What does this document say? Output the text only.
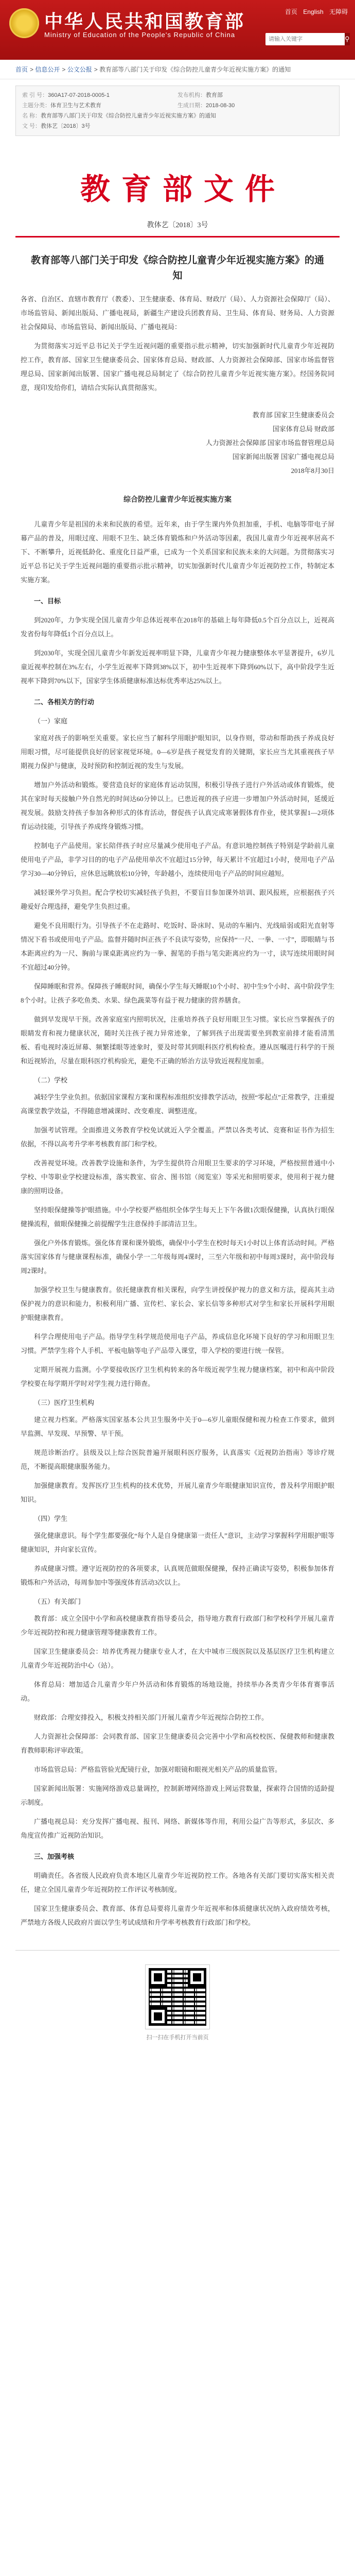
中华人民共和国教育部
Ministry of Education of the People's Republic of China
首页 English 无障碍
请输入关键字
⚲
首页 > 信息公开 > 公文公报 > 教育部等八部门关于印发《综合防控儿童青少年近视实施方案》的通知
索 引 号：360A17-07-2018-0005-1	发布机构：教育部
主题分类：体育卫生与艺术教育	生成日期：2018-08-30
名 称：教育部等八部门关于印发《综合防控儿童青少年近视实施方案》的通知
文 号：教体艺〔2018〕3号
教育部文件
教体艺〔2018〕3号
教育部等八部门关于印发《综合防控儿童青少年近视实施方案》的通知

各省、自治区、直辖市教育厅（教委）、卫生健康委、体育局、财政厅（局）、人力资源社会保障厅（局）、市场监管局、新闻出版局、广播电视局，新疆生产建设兵团教育局、卫生局、体育局、财务局、人力资源社会保障局、市场监管局、新闻出版局、广播电视局：

为贯彻落实习近平总书记关于学生近视问题的重要指示批示精神，切实加强新时代儿童青少年近视防控工作，教育部、国家卫生健康委员会、国家体育总局、财政部、人力资源社会保障部、国家市场监督管理总局、国家新闻出版署、国家广播电视总局制定了《综合防控儿童青少年近视实施方案》。经国务院同意，现印发给你们，请结合实际认真贯彻落实。

教育部 国家卫生健康委员会

国家体育总局 财政部

人力资源社会保障部 国家市场监督管理总局

国家新闻出版署 国家广播电视总局

2018年8月30日

综合防控儿童青少年近视实施方案

儿童青少年是祖国的未来和民族的希望。近年来，由于学生课内外负担加重，手机、电脑等带电子屏幕产品的普及，用眼过度、用眼不卫生、缺乏体育锻炼和户外活动等因素，我国儿童青少年近视率居高不下、不断攀升，近视低龄化、重度化日益严重，已成为一个关系国家和民族未来的大问题。为贯彻落实习近平总书记关于学生近视问题的重要指示批示精神，切实加强新时代儿童青少年近视防控工作，特制定本实施方案。

一、目标

到2020年，力争实现全国儿童青少年总体近视率在2018年的基础上每年降低0.5个百分点以上，近视高发省份每年降低1个百分点以上。

到2030年，实现全国儿童青少年新发近视率明显下降，儿童青少年视力健康整体水平显著提升，6岁儿童近视率控制在3%左右，小学生近视率下降到38%以下，初中生近视率下降到60%以下，高中阶段学生近视率下降到70%以下，国家学生体质健康标准达标优秀率达25%以上。

二、各相关方的行动

（一）家庭

家庭对孩子的影响至关重要。家长应当了解科学用眼护眼知识，以身作则，带动和帮助孩子养成良好用眼习惯，尽可能提供良好的居家视觉环境。0—6岁是孩子视觉发育的关键期，家长应当尤其重视孩子早期视力保护与健康，及时预防和控制近视的发生与发展。

增加户外活动和锻炼。要营造良好的家庭体育运动氛围，积极引导孩子进行户外活动或体育锻炼，使其在家时每天接触户外自然光的时间达60分钟以上。已患近视的孩子应进一步增加户外活动时间，延缓近视发展。鼓励支持孩子参加各种形式的体育活动，督促孩子认真完成寒暑假体育作业，使其掌握1—2项体育运动技能，引导孩子养成终身锻炼习惯。

控制电子产品使用。家长陪伴孩子时应尽量减少使用电子产品。有意识地控制孩子特别是学龄前儿童使用电子产品，非学习目的的电子产品使用单次不宜超过15分钟，每天累计不宜超过1小时，使用电子产品学习30—40分钟后，应休息远眺放松10分钟，年龄越小，连续使用电子产品的时间应越短。

减轻课外学习负担。配合学校切实减轻孩子负担，不要盲目参加课外培训、跟风报班，应根据孩子兴趣爱好合理选择，避免学生负担过重。

避免不良用眼行为。引导孩子不在走路时、吃饭时、卧床时、晃动的车厢内、光线暗弱或阳光直射等情况下看书或使用电子产品。监督并随时纠正孩子不良读写姿势，应保持“一尺、一拳、一寸”，即眼睛与书本距离应约为一尺、胸前与课桌距离应约为一拳、握笔的手指与笔尖距离应约为一寸，读写连续用眼时间不宜超过40分钟。

保障睡眠和营养。保障孩子睡眠时间，确保小学生每天睡眠10个小时、初中生9个小时、高中阶段学生8个小时。让孩子多吃鱼类、水果、绿色蔬菜等有益于视力健康的营养膳食。

做到早发现早干预。改善家庭室内照明状况，注重培养孩子良好用眼卫生习惯。家长应当掌握孩子的眼睛发育和视力健康状况，随时关注孩子视力异常迹象，了解到孩子出现需要坐到教室前排才能看清黑板、看电视时凑近屏幕、频繁揉眼等迹象时，要及时带其到眼科医疗机构检查。遵从医嘱进行科学的干预和近视矫治，尽量在眼科医疗机构验光，避免不正确的矫治方法导致近视程度加重。

（二）学校

减轻学生学业负担。依据国家课程方案和课程标准组织安排教学活动，按照“零起点”正常教学，注重提高课堂教学效益，不得随意增减课时、改变难度、调整进度。

加强考试管理。全面推进义务教育学校免试就近入学全覆盖。严禁以各类考试、竞赛和证书作为招生依据，不得以高考升学率考核教育部门和学校。

改善视觉环境。改善教学设施和条件，为学生提供符合用眼卫生要求的学习环境，严格按照普通中小学校、中等职业学校建设标准，落实教室、宿舍、图书馆（阅览室）等采光和照明要求，使用利于视力健康的照明设备。

坚持眼保健操等护眼措施。中小学校要严格组织全体学生每天上下午各做1次眼保健操，认真执行眼保健操流程，做眼保健操之前提醒学生注意保持手部清洁卫生。

强化户外体育锻炼。强化体育课和课外锻炼，确保中小学生在校时每天1小时以上体育活动时间。严格落实国家体育与健康课程标准，确保小学一二年级每周4课时，三至六年级和初中每周3课时，高中阶段每周2课时。

加强学校卫生与健康教育。依托健康教育相关课程，向学生讲授保护视力的意义和方法，提高其主动保护视力的意识和能力，积极利用广播、宣传栏、家长会、家长信等多种形式对学生和家长开展科学用眼护眼健康教育。

科学合理使用电子产品。指导学生科学规范使用电子产品，养成信息化环境下良好的学习和用眼卫生习惯。严禁学生将个人手机、平板电脑等电子产品带入课堂，带入学校的要进行统一保管。

定期开展视力监测。小学要接收医疗卫生机构转来的各年级近视学生视力健康档案，初中和高中阶段学校要在每学期开学时对学生视力进行筛查。

（三）医疗卫生机构

建立视力档案。严格落实国家基本公共卫生服务中关于0—6岁儿童眼保健和视力检查工作要求，做到早监测、早发现、早预警、早干预。

规范诊断治疗。县级及以上综合医院普遍开展眼科医疗服务，认真落实《近视防治指南》等诊疗规范，不断提高眼健康服务能力。

加强健康教育。发挥医疗卫生机构的技术优势，开展儿童青少年眼健康知识宣传，普及科学用眼护眼知识。

（四）学生

强化健康意识。每个学生都要强化“每个人是自身健康第一责任人”意识，主动学习掌握科学用眼护眼等健康知识，并向家长宣传。

养成健康习惯。遵守近视防控的各项要求，认真规范做眼保健操，保持正确读写姿势，积极参加体育锻炼和户外活动，每周参加中等强度体育活动3次以上。

（五）有关部门

教育部：成立全国中小学和高校健康教育指导委员会，指导地方教育行政部门和学校科学开展儿童青少年近视防控和视力健康管理等健康教育工作。

国家卫生健康委员会：培养优秀视力健康专业人才，在大中城市三级医院以及基层医疗卫生机构建立儿童青少年近视防治中心（站）。

体育总局：增加适合儿童青少年户外活动和体育锻炼的场地设施，持续举办各类青少年体育赛事活动。

财政部：合理安排投入，积极支持相关部门开展儿童青少年近视综合防控工作。

人力资源社会保障部：会同教育部、国家卫生健康委员会完善中小学和高校校医、保健教师和健康教育教师职称评审政策。

市场监管总局：严格监管验光配镜行业，加强对眼镜和眼视光相关产品的质量监管。

国家新闻出版署：实施网络游戏总量调控，控制新增网络游戏上网运营数量，探索符合国情的适龄提示制度。

广播电视总局：充分发挥广播电视、报刊、网络、新媒体等作用，利用公益广告等形式，多层次、多角度宣传推广近视防治知识。

三、加强考核

明确责任。各省级人民政府负责本地区儿童青少年近视防控工作。各地各有关部门要切实落实相关责任，建立全国儿童青少年近视防控工作评议考核制度。

国家卫生健康委员会、教育部、体育总局要将儿童青少年近视率和体质健康状况纳入政府绩效考核，严禁地方各级人民政府片面以学生考试成绩和升学率考核教育行政部门和学校。

扫一扫在手机打开当前页
